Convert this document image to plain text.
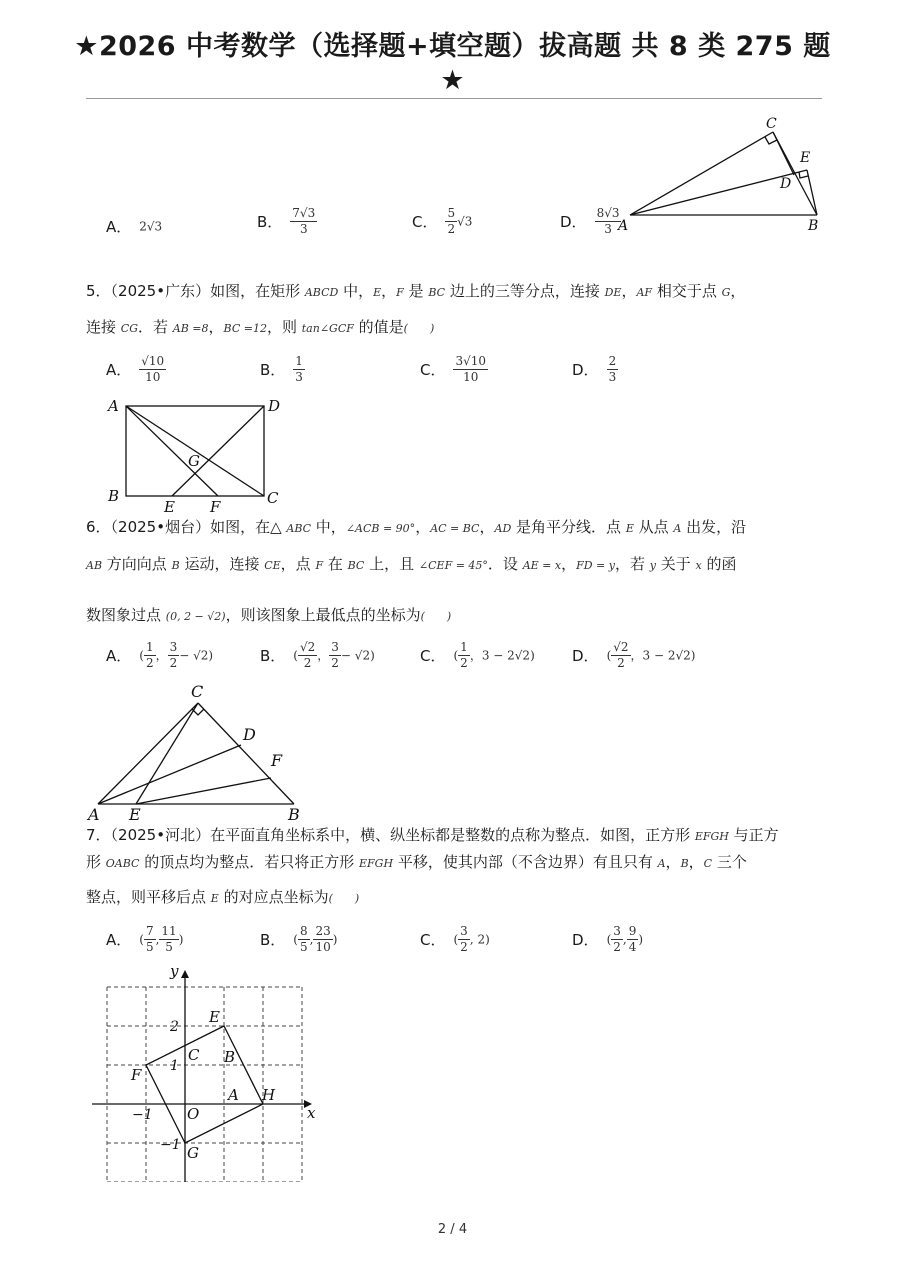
★2026 中考数学（选择题+填空题）拔高题 共 8 类 275 题
★
A	B
C
D
E
A． 2√3	B． $\frac{7√3}{3}$	C． $\frac{5}{2} √3$	D． $\frac{8√3}{3}$
5．（2025•广东）如图，在矩形 ABCD 中，E，F 是 BC 边上的三等分点，连接 DE，AF 相交于点 G，
连接 CG．若 AB =8，BC =12，则 tan∠GCF 的值是(　　)
A． $\frac{√10}{10}$	B． $\frac{1}{3}$	C． $\frac{3√10}{10}$	D． $\frac{2}{3}$
A	D
B	C
E F
G
6．（2025•烟台）如图，在△ ABC 中，∠ACB = 90°，AC = BC，AD 是角平分线．点 E 从点 A 出发，沿
AB 方向向点 B 运动，连接 CE，点 F 在 BC 上，且 ∠CEF = 45°．设 AE = x，FD = y，若 y 关于 x 的函
数图象过点 (0, 2 − √2)，则该图象上最低点的坐标为(　　)
A． ( $\frac{1}{2}$ ， $\frac{3}{2} - √2$)	B． ( $\frac{√2}{2}$ ， $\frac{3}{2} - √2$)	C． ( $\frac{1}{2}$ ，3 − 2√2) D． ( $\frac{√2}{2}$ ，3 − 2√2)
A	B
C
D
F
E
7．（2025•河北）在平面直角坐标系中，横、纵坐标都是整数的点称为整点．如图，正方形 EFGH 与正方
形 OABC 的顶点均为整点．若只将正方形 EFGH 平移，使其内部（不含边界）有且只有 A，B，C 三个
整点，则平移后点 E 的对应点坐标为(　　)
A． ( $\frac{7}{5}$ , $\frac{11}{5}$ )	B． ( $\frac{8}{5}$ , $\frac{23}{10}$ )	C． ( $\frac{3}{2}$ , 2)	D． ( $\frac{3}{2}$ , $\frac{9}{4}$ )
x
y
O
A
B
C
E
F
G
H
2
1
−1
−1
2 / 4
